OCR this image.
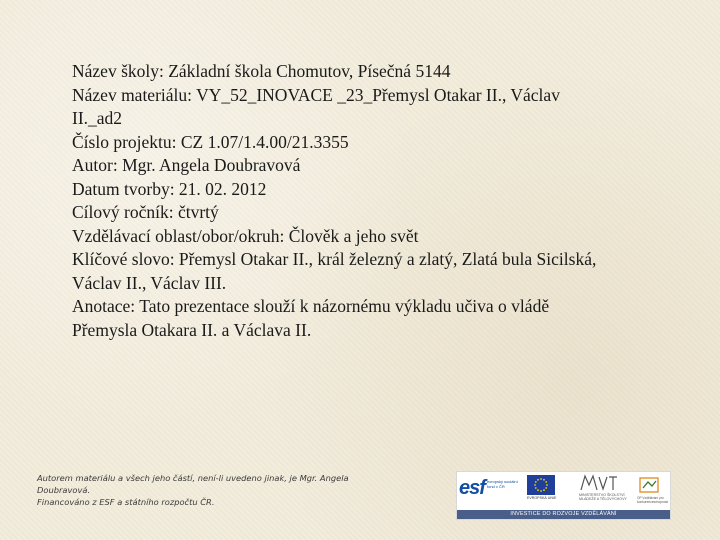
Název školy: Základní škola Chomutov, Písečná 5144

Název materiálu: VY_52_INOVACE _23_Přemysl Otakar II., Václav II._ad2

Číslo projektu: CZ 1.07/1.4.00/21.3355

Autor: Mgr. Angela Doubravová

Datum tvorby: 21. 02. 2012

Cílový ročník: čtvrtý

Vzdělávací oblast/obor/okruh: Člověk a jeho svět

Klíčové slovo: Přemysl Otakar II., král železný a zlatý, Zlatá bula Sicilská, Václav II., Václav III.

Anotace: Tato prezentace slouží k názornému výkladu učiva o vládě Přemysla Otakara II. a Václava II.

Autorem materiálu a všech jeho částí, není-li uvedeno jinak, je Mgr. Angela Doubravová.
Financováno z ESF a státního rozpočtu ČR.
esf evropský sociální fond v ČR
EVROPSKÁ UNIE
MINISTERSTVO ŠKOLSTVÍ, MLÁDEŽE A TĚLOVÝCHOVY	OP Vzdělávání pro konkurenceschopnost
INVESTICE DO ROZVOJE VZDĚLÁVÁNÍ
